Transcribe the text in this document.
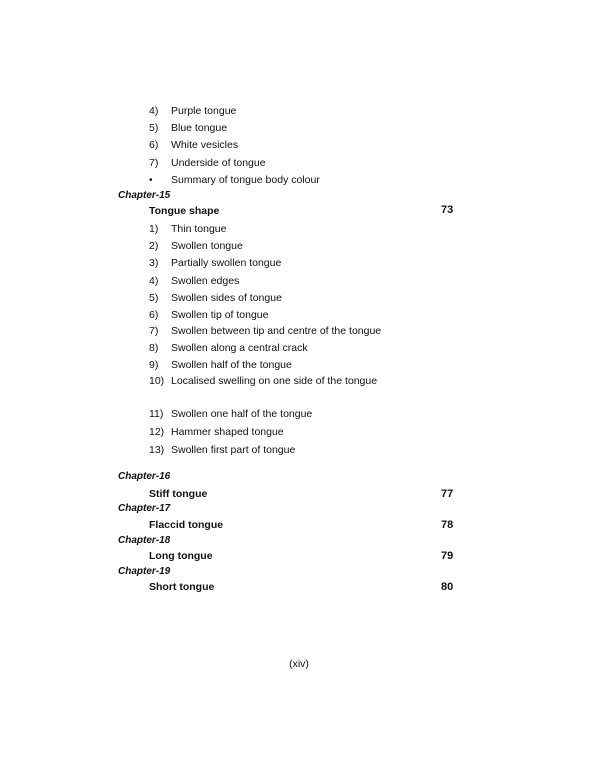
4) Purple tongue
5) Blue tongue
6) White vesicles
7) Underside of tongue
• Summary of tongue body colour
Chapter-15
Tongue shape	73
1) Thin tongue
2) Swollen tongue
3) Partially swollen tongue
4) Swollen edges
5) Swollen sides of tongue
6) Swollen tip of tongue
7) Swollen between tip and centre of the tongue
8) Swollen along a central crack
9) Swollen half of the tongue
10) Localised swelling on one side of the tongue
11) Swollen one half of the tongue
12) Hammer shaped tongue
13) Swollen first part of tongue
Chapter-16
Stiff tongue	77
Chapter-17
Flaccid tongue	78
Chapter-18
Long tongue	79
Chapter-19
Short tongue	80
(xiv)
